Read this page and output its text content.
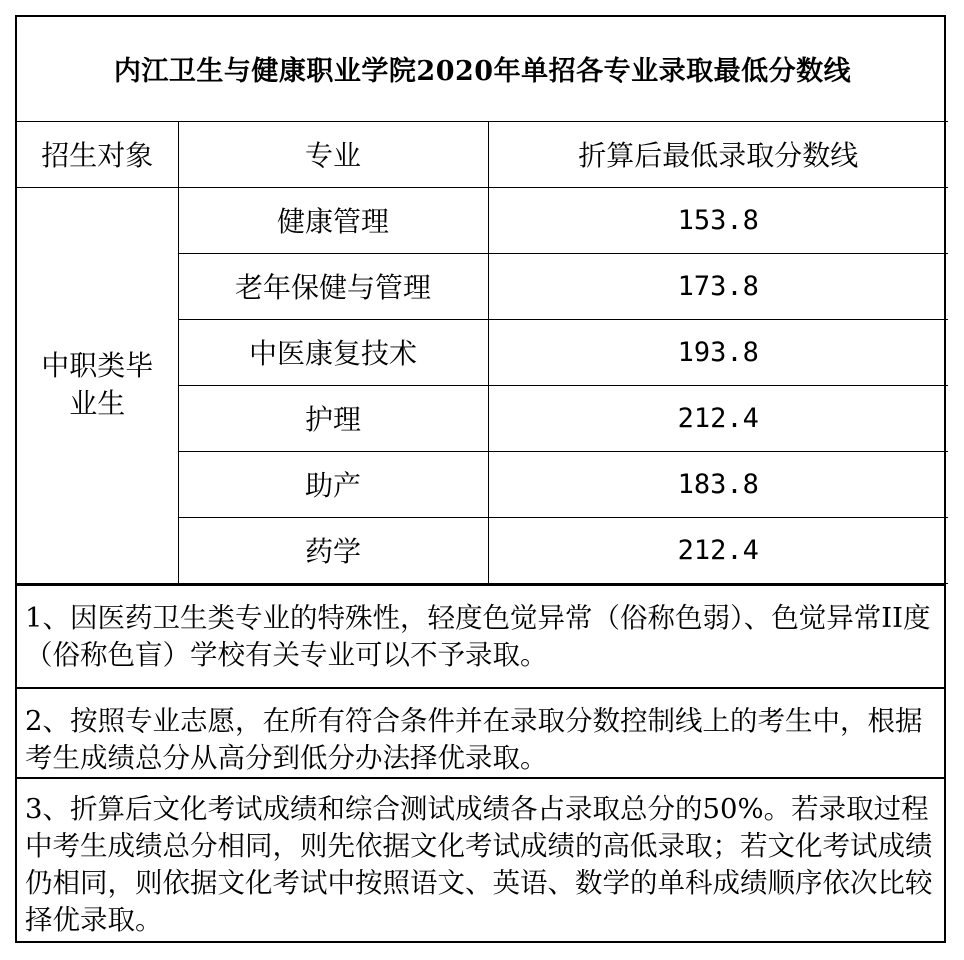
内江卫生与健康职业学院2020年单招各专业录取最低分数线		
招生对象	专业	折算后最低录取分数线

中职类毕
业生	健康管理	153.8
	老年保健与管理	173.8
	中医康复技术	193.8
	护理	212.4
	助产	183.8
	药学	212.4
1、因医药卫生类专业的特殊性，轻度色觉异常（俗称色弱）、色觉异常II度（俗称色盲）学校有关专业可以不予录取。
2、按照专业志愿，在所有符合条件并在录取分数控制线上的考生中，根据考生成绩总分从高分到低分办法择优录取。
3、折算后文化考试成绩和综合测试成绩各占录取总分的50%。若录取过程中考生成绩总分相同，则先依据文化考试成绩的高低录取；若文化考试成绩仍相同，则依据文化考试中按照语文、英语、数学的单科成绩顺序依次比较择优录取。
